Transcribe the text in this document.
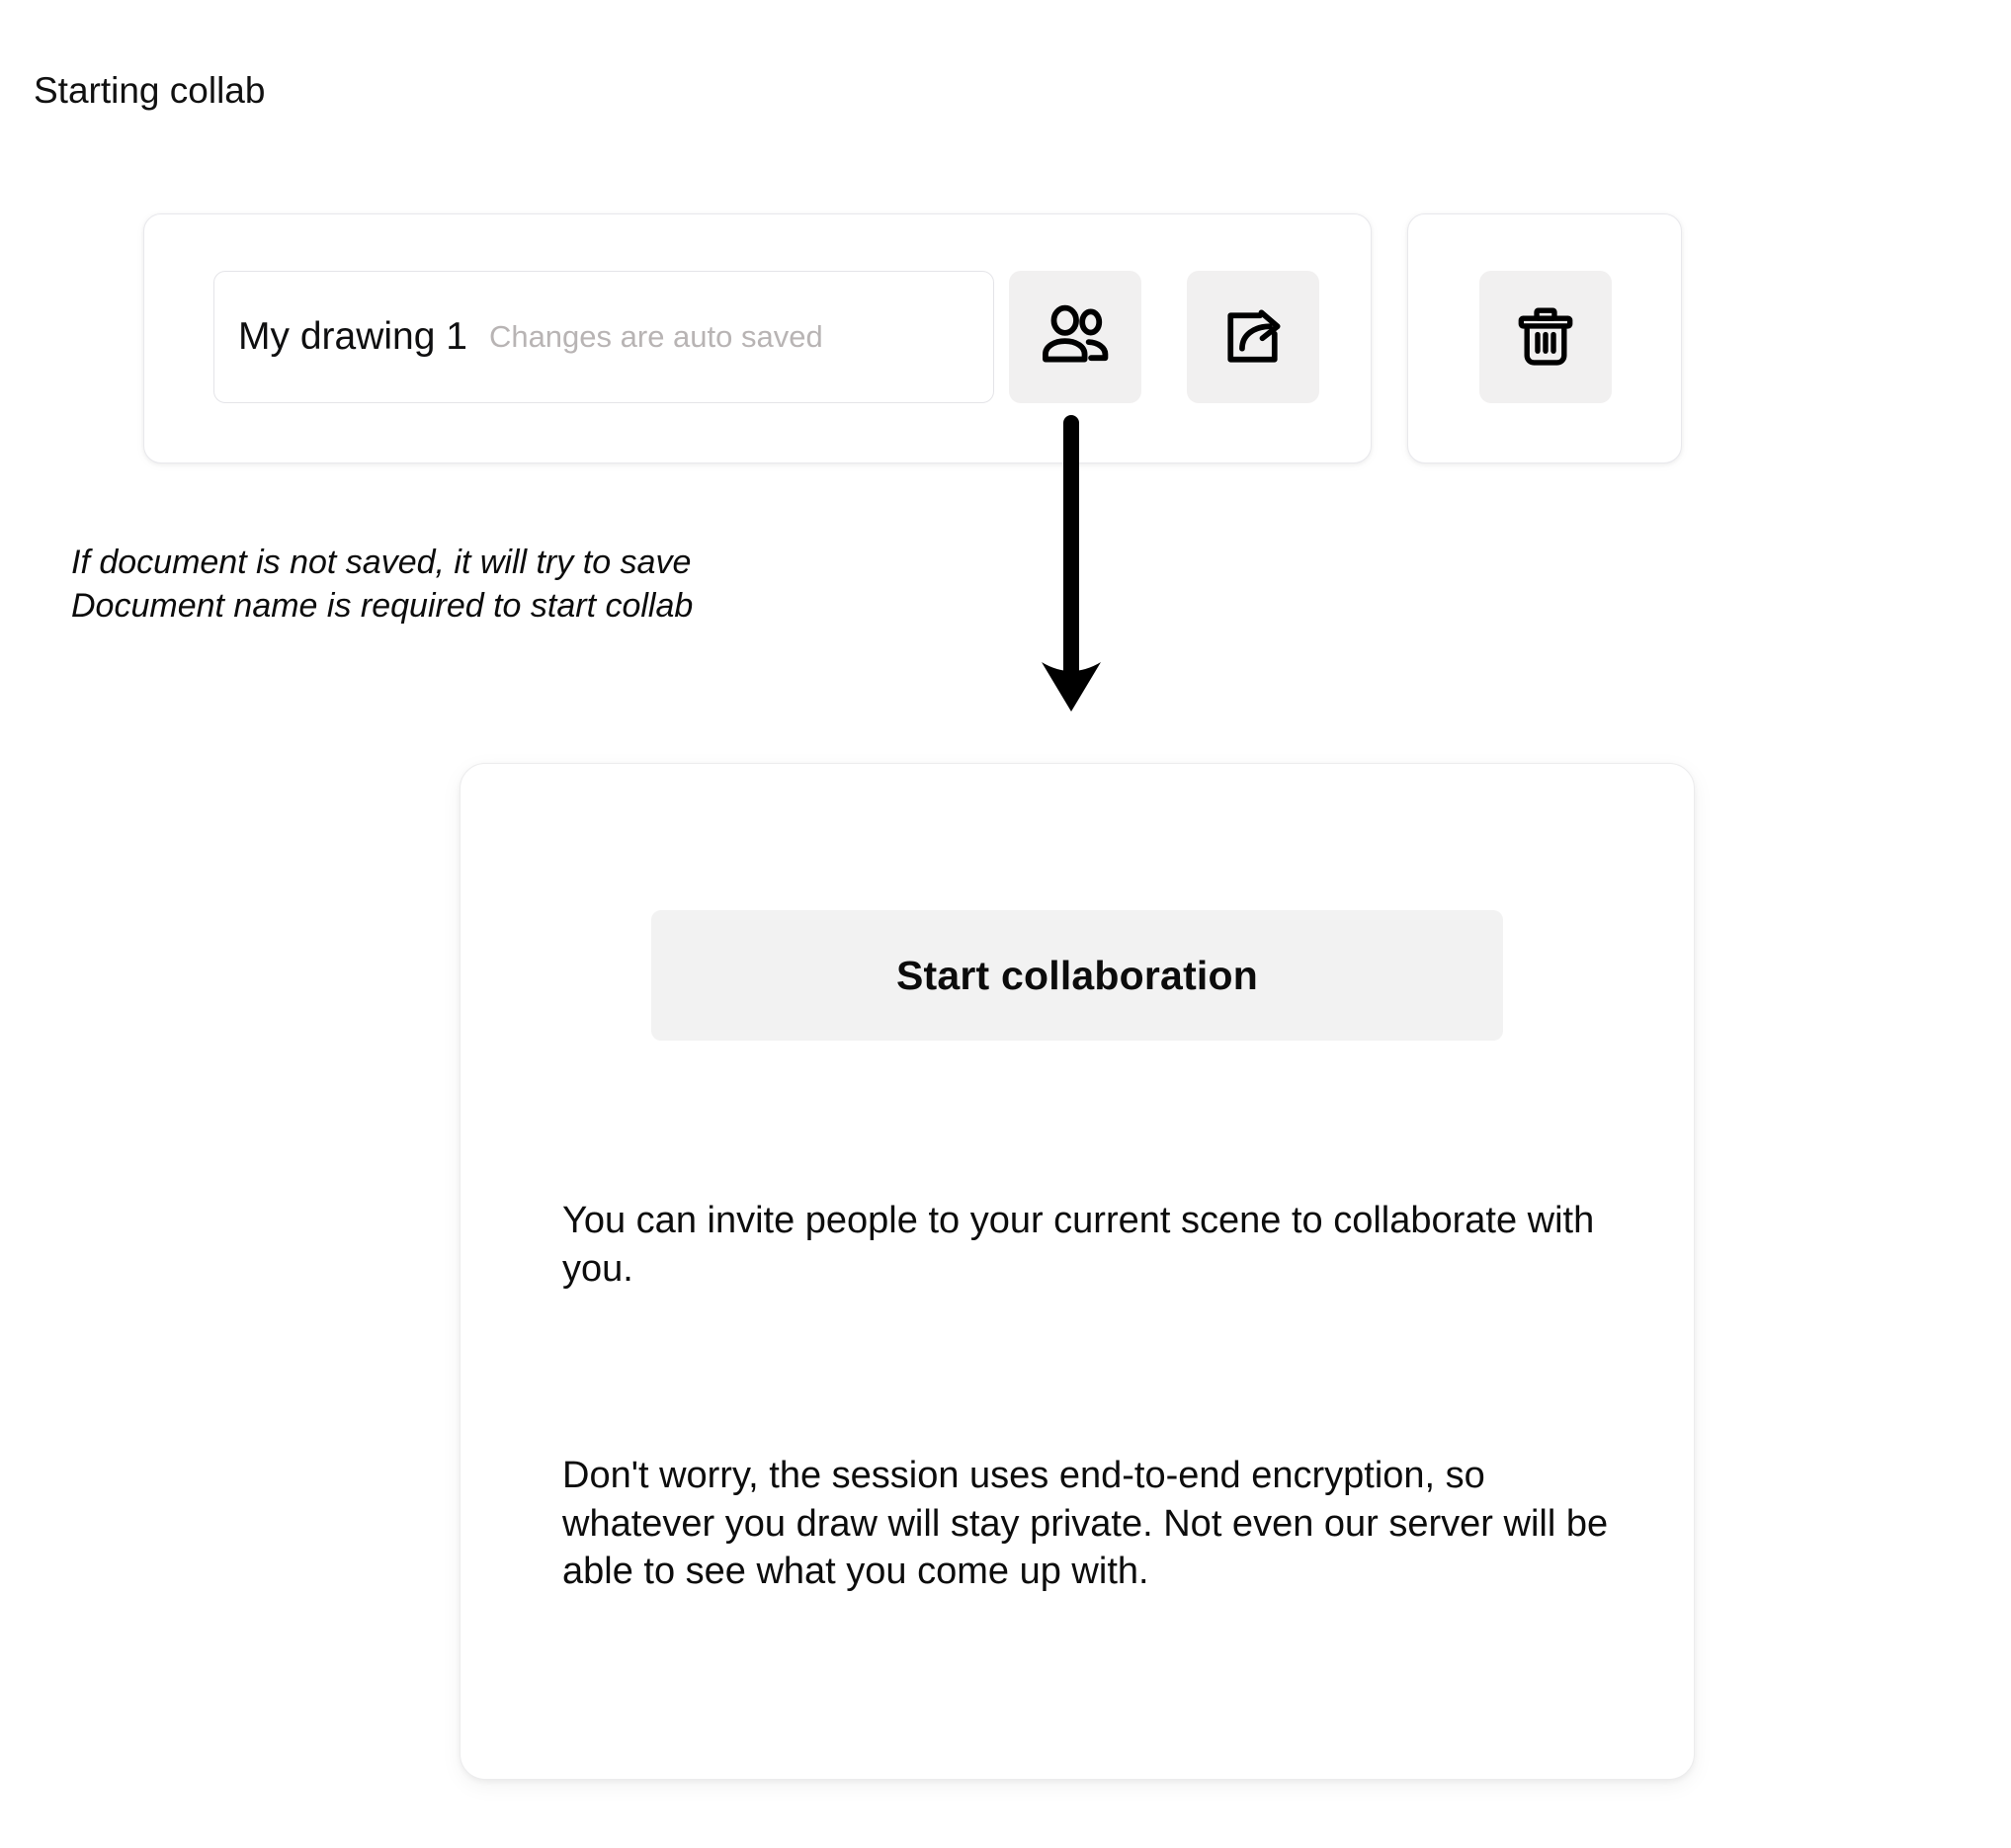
Starting collab
My drawing 1 Changes are auto saved
If document is not saved, it will try to save
Document name is required to start collab
Start collaboration

You can invite people to your current scene to collaborate with you.

Don't worry, the session uses end-to-end encryption, so whatever you draw will stay private. Not even our server will be able to see what you come up with.
